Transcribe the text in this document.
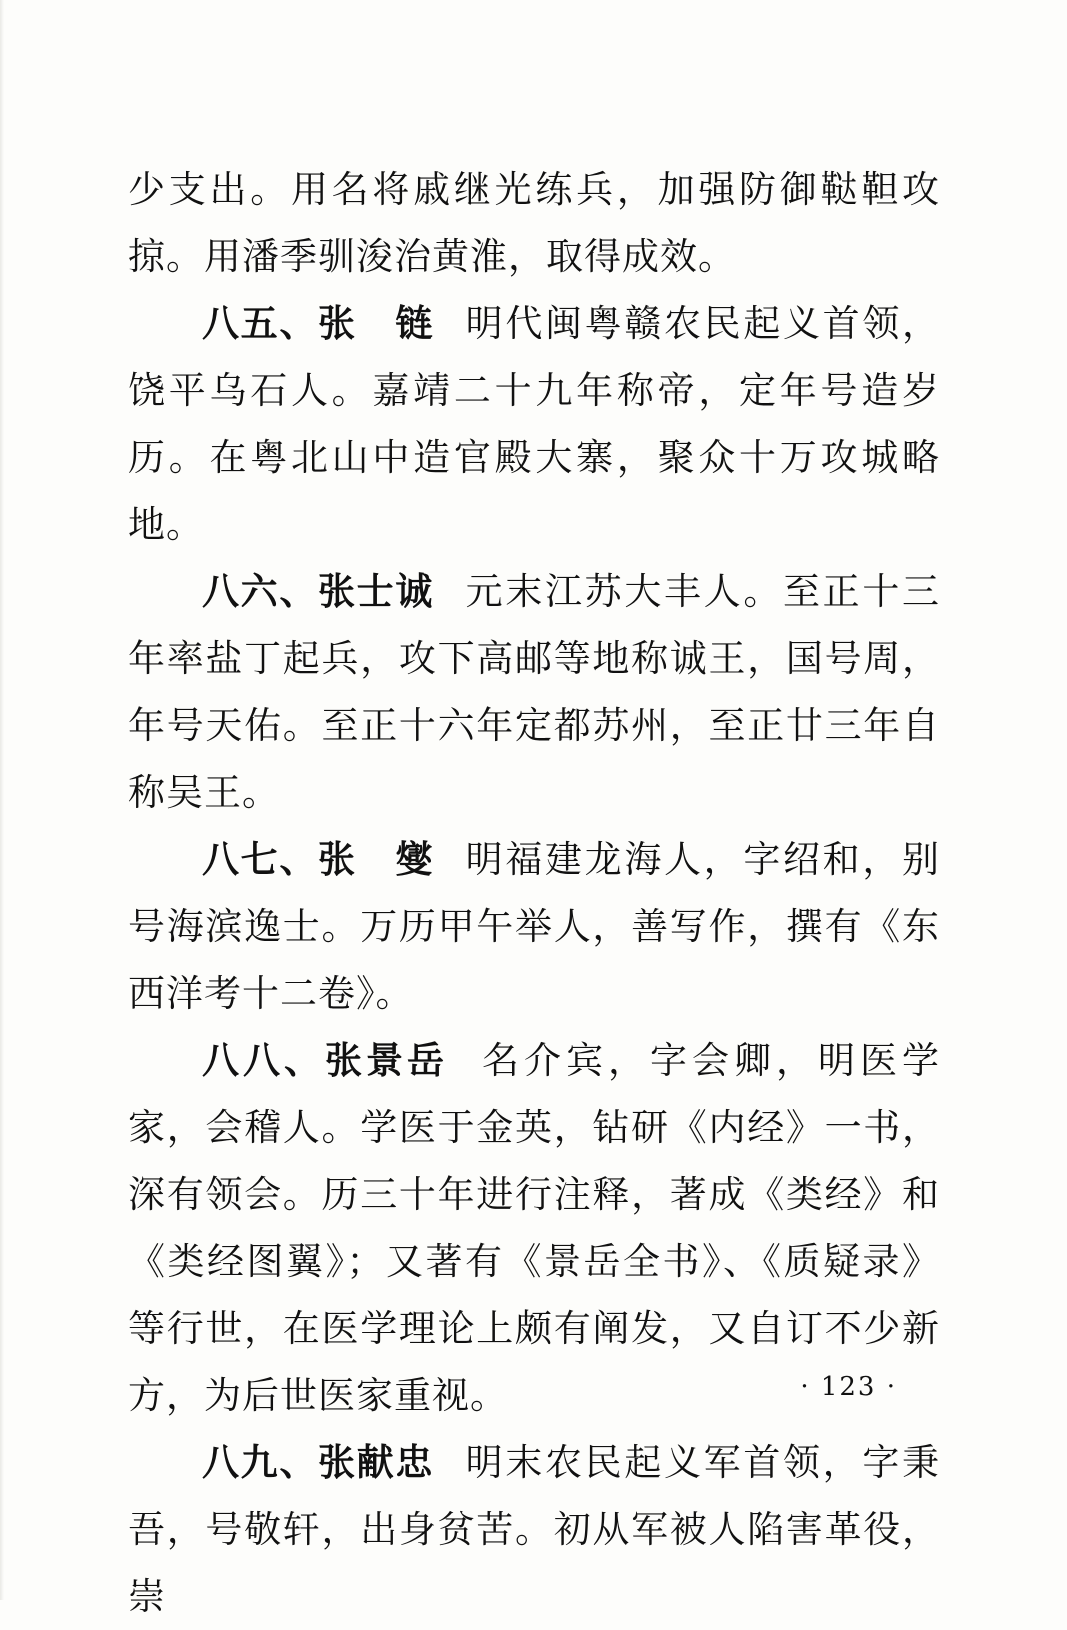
少支出。用名将戚继光练兵，加强防御鞑靼攻掠。用潘季驯浚治黄淮，取得成效。

八五、张　链 明代闽粤赣农民起义首领，饶平乌石人。嘉靖二十九年称帝，定年号造岁历。在粤北山中造官殿大寨，聚众十万攻城略地。

八六、张士诚 元末江苏大丰人。至正十三年率盐丁起兵，攻下高邮等地称诚王，国号周，年号天佑。至正十六年定都苏州，至正廿三年自称吴王。

八七、张　燮 明福建龙海人，字绍和，别号海滨逸士。万历甲午举人，善写作，撰有《东西洋考十二卷》。

八八、张景岳 名介宾，字会卿，明医学家，会稽人。学医于金英，钻研《内经》一书，深有领会。历三十年进行注释，著成《类经》和《类经图翼》；又著有《景岳全书》、《质疑录》等行世，在医学理论上颇有阐发，又自订不少新方，为后世医家重视。

八九、张献忠 明末农民起义军首领，字秉吾，号敬轩，出身贫苦。初从军被人陷害革役，崇

· 123 ·
